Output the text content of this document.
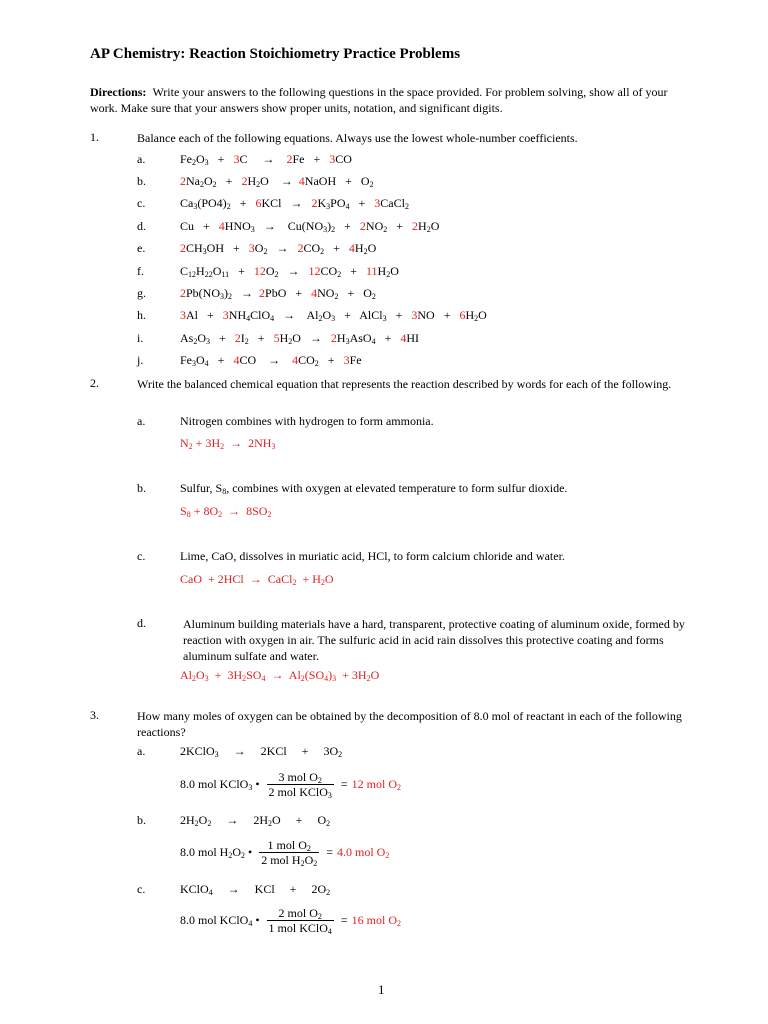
AP Chemistry: Reaction Stoichiometry Practice Problems
Directions: Write your answers to the following questions in the space provided. For problem solving, show all of your work. Make sure that your answers show proper units, notation, and significant digits.
1.	Balance each of the following equations. Always use the lowest whole-number coefficients.
a.	$Fe_2O_3 + 3C$     →    2Fe   +   3CO
b.	$2Na_2O_2 + 2H_2O$    →  4NaOH   +   $O_2$
c.	$Ca_3(PO4)_2 + 6KCl \to 2K_3PO_4$   +   3CaCl$_2$
d.	$Cu + 4HNO_3$   →    $Cu(NO_3)_2 + 2NO_2 + 2H_2O$
e.	$2CH_3OH + 3O_2 \to 2CO_2 + 4H_2O$
f.	$C_{12}H_{22}O_{11} + 12O_2 \to 12CO_2 + 11H_2O$
g.	$2Pb(NO_3)_2 \to 2PbO + 4NO_2 + O_2$
h.	$3Al + 3NH_4ClO_4$   →    $Al_2O_3$   +   AlCl$_3$   +   $3NO + 6H_2O$
i.	$As_2O_3 + 2I_2 + 5H_2O \to 2H_3AsO_4 + 4HI$
j.	$Fe_3O_4 + 4CO$    →    $4CO_2 + 3Fe$
2.	Write the balanced chemical equation that represents the reaction described by words for each of the following.
a.	Nitrogen combines with hydrogen to form ammonia.
$N_2 + 3H_2 \to 2NH_3$
b.	Sulfur, $S_8$, combines with oxygen at elevated temperature to form sulfur dioxide.
$S_8 + 8O_2 \to 8SO_2$
c.	Lime, CaO, dissolves in muriatic acid, HCl, to form calcium chloride and water.
CaO  + 2HCl  →  CaCl$_2$  + $H_2O$
d.	Aluminum building materials have a hard, transparent, protective coating of aluminum oxide, formed by reaction with oxygen in air. The sulfuric acid in acid rain dissolves this protective coating and forms aluminum sulfate and water.
$Al_2O_3 + 3H_2SO_4 \to Al_2(SO_4)_3 + 3H_2O$
3.	How many moles of oxygen can be obtained by the decomposition of 8.0 mol of reactant in each of the following reactions?
a.	2KClO$_3$     →     2KCl     +     $3O_2$
8.0 mol KClO$_3$ • $\frac{3 mol O_2}{2 mol KClO_3} = 12$ mol $O_2$
b.	$2H_2O_2$     →     $2H_2O$     +     $O_2$
8.0 mol $H_2O_2$ • $\frac{1 mol O_2}{2 mol H_2O_2} = 4.0$ mol $O_2$
c.	KClO$_4$     →     KCl     +     $2O_2$
8.0 mol KClO$_4$ • $\frac{2 mol O_2}{1 mol KClO_4} = 16$ mol $O_2$
1
